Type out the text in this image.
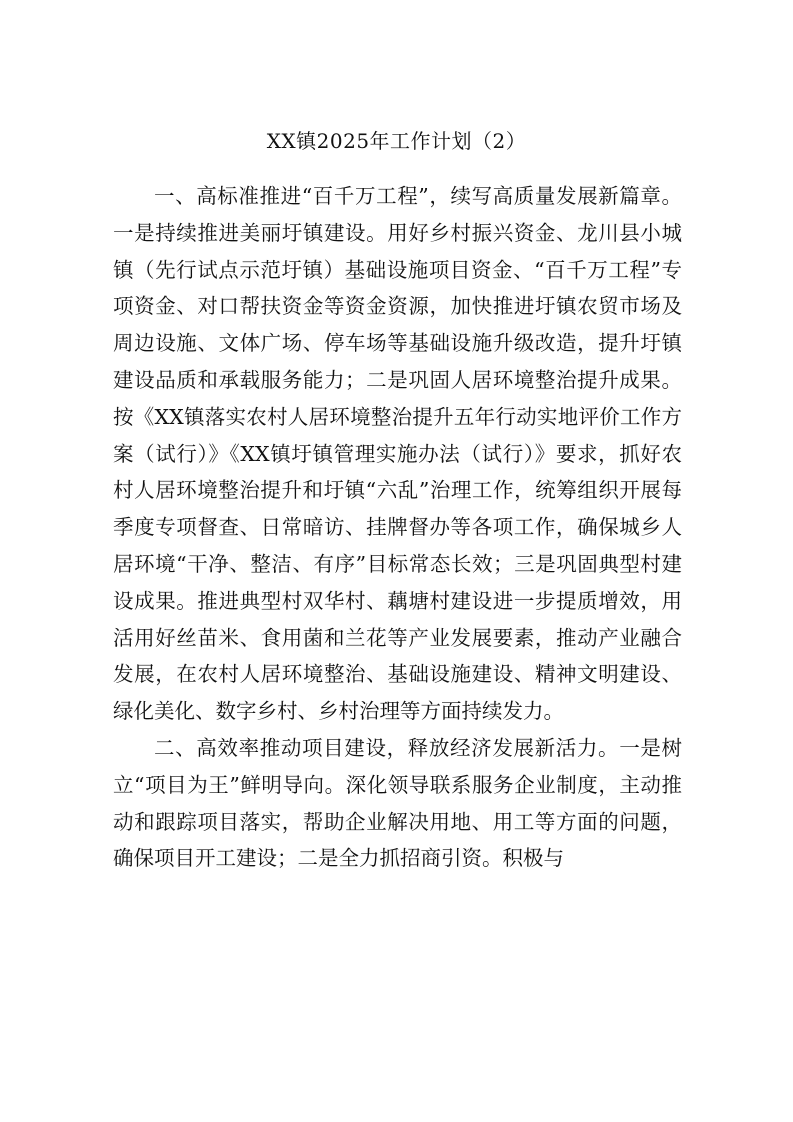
XX镇2025年工作计划（2）

一、高标准推进“百千万工程”，续写高质量发展新篇章。一是持续推进美丽圩镇建设。用好乡村振兴资金、龙川县小城镇（先行试点示范圩镇）基础设施项目资金、“百千万工程”专项资金、对口帮扶资金等资金资源，加快推进圩镇农贸市场及周边设施、文体广场、停车场等基础设施升级改造，提升圩镇建设品质和承载服务能力；二是巩固人居环境整治提升成果。按《XX镇落实农村人居环境整治提升五年行动实地评价工作方案（试行）》《XX镇圩镇管理实施办法（试行）》要求，抓好农村人居环境整治提升和圩镇“六乱”治理工作，统筹组织开展每季度专项督查、日常暗访、挂牌督办等各项工作，确保城乡人居环境“干净、整洁、有序”目标常态长效；三是巩固典型村建设成果。推进典型村双华村、藕塘村建设进一步提质增效，用活用好丝苗米、食用菌和兰花等产业发展要素，推动产业融合发展，在农村人居环境整治、基础设施建设、精神文明建设、绿化美化、数字乡村、乡村治理等方面持续发力。

二、高效率推动项目建设，释放经济发展新活力。一是树立“项目为王”鲜明导向。深化领导联系服务企业制度，主动推动和跟踪项目落实，帮助企业解决用地、用工等方面的问题，确保项目开工建设；二是全力抓招商引资。积极与
